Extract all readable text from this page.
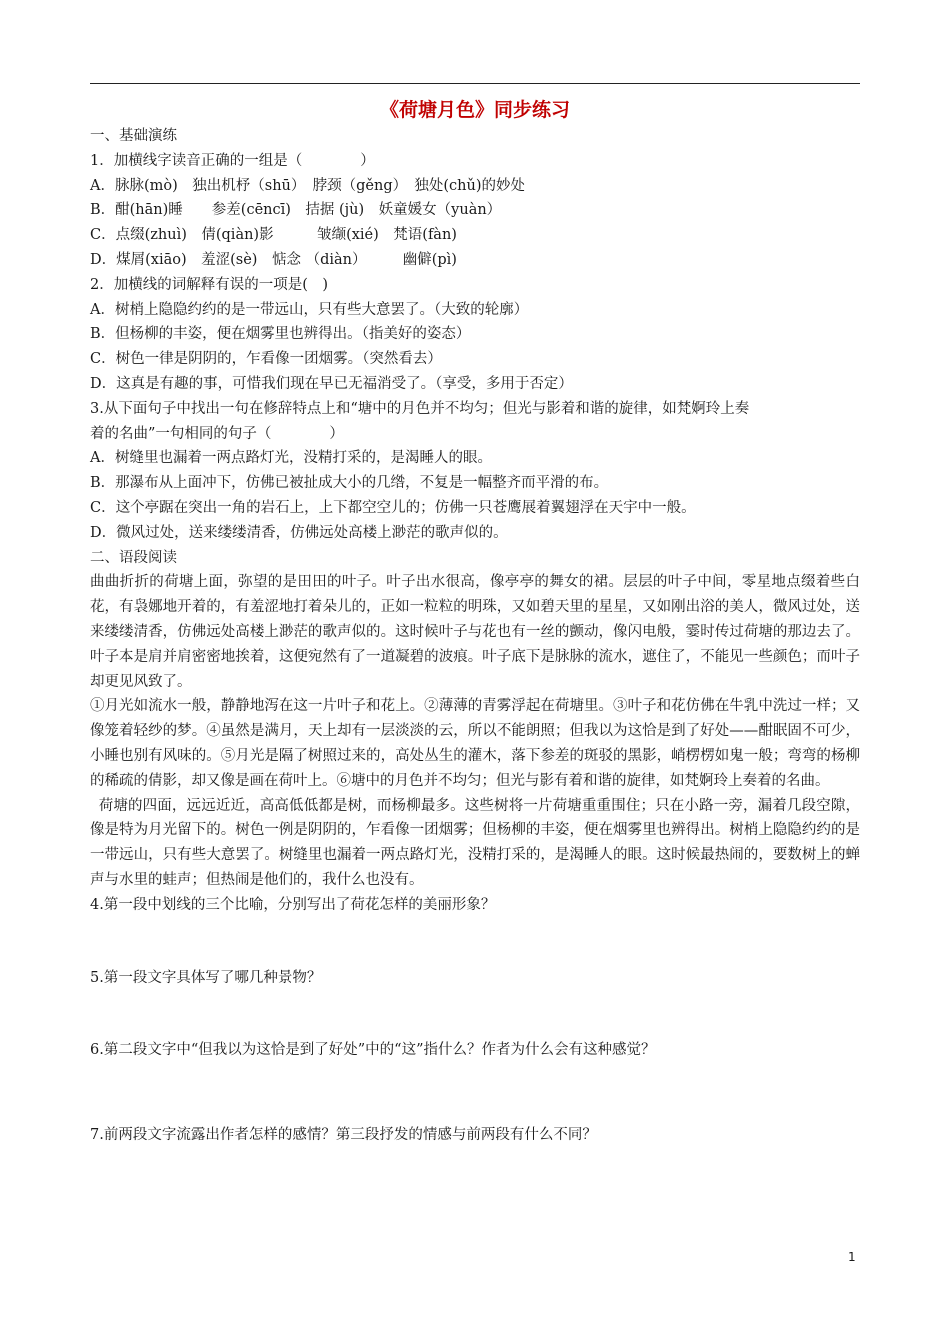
《荷塘月色》同步练习
一、基础演练
1．加横线字读音正确的一组是（　　　　）
A．脉脉(mò)　独出机杼（shū）　脖颈（gěng）　独处(chǔ)的妙处
B．酣(hān)睡　　参差(cēncī)　拮据 (jù)　妖童媛女（yuàn）
C．点缀(zhuì)　倩(qiàn)影　　　皱缬(xié)　梵语(fàn)
D．煤屑(xiāo)　羞涩(sè)　惦念 （diàn）　　　幽僻(pì)
2．加横线的词解释有误的一项是(　)
A．树梢上隐隐约约的是一带远山，只有些大意罢了。（大致的轮廓）
B．但杨柳的丰姿，便在烟雾里也辨得出。（指美好的姿态）
C．树色一律是阴阴的，乍看像一团烟雾。（突然看去）
D．这真是有趣的事，可惜我们现在早已无福消受了。（享受，多用于否定）
3.从下面句子中找出一句在修辞特点上和“塘中的月色并不均匀；但光与影着和谐的旋律，如梵婀玲上奏
着的名曲”一句相同的句子（　　　　）
A．树缝里也漏着一两点路灯光，没精打采的，是渴睡人的眼。
B．那瀑布从上面冲下，仿佛已被扯成大小的几绺，不复是一幅整齐而平滑的布。
C．这个亭踞在突出一角的岩石上，上下都空空儿的；仿佛一只苍鹰展着翼翅浮在天宇中一般。
D．微风过处，送来缕缕清香，仿佛远处高楼上渺茫的歌声似的。
二、语段阅读
曲曲折折的荷塘上面，弥望的是田田的叶子。叶子出水很高，像亭亭的舞女的裙。层层的叶子中间，零星地点缀着些白花，有袅娜地开着的，有羞涩地打着朵儿的，正如一粒粒的明珠，又如碧天里的星星，又如刚出浴的美人，微风过处，送来缕缕清香，仿佛远处高楼上渺茫的歌声似的。这时候叶子与花也有一丝的颤动，像闪电般，霎时传过荷塘的那边去了。叶子本是肩并肩密密地挨着，这便宛然有了一道凝碧的波痕。叶子底下是脉脉的流水，遮住了，不能见一些颜色；而叶子却更见风致了。
①月光如流水一般，静静地泻在这一片叶子和花上。②薄薄的青雾浮起在荷塘里。③叶子和花仿佛在牛乳中洗过一样；又像笼着轻纱的梦。④虽然是满月，天上却有一层淡淡的云，所以不能朗照；但我以为这恰是到了好处——酣眠固不可少，小睡也别有风味的。⑤月光是隔了树照过来的，高处丛生的灌木，落下参差的斑驳的黑影，峭楞楞如鬼一般；弯弯的杨柳的稀疏的倩影，却又像是画在荷叶上。⑥塘中的月色并不均匀；但光与影有着和谐的旋律，如梵婀玲上奏着的名曲。
荷塘的四面，远远近近，高高低低都是树，而杨柳最多。这些树将一片荷塘重重围住；只在小路一旁，漏着几段空隙，像是特为月光留下的。树色一例是阴阴的，乍看像一团烟雾；但杨柳的丰姿，便在烟雾里也辨得出。树梢上隐隐约约的是一带远山，只有些大意罢了。树缝里也漏着一两点路灯光，没精打采的，是渴睡人的眼。这时候最热闹的，要数树上的蝉声与水里的蛙声；但热闹是他们的，我什么也没有。
4.第一段中划线的三个比喻，分别写出了荷花怎样的美丽形象？
5.第一段文字具体写了哪几种景物？
6.第二段文字中“但我以为这恰是到了好处”中的“这”指什么？作者为什么会有这种感觉？
7.前两段文字流露出作者怎样的感情？第三段抒发的情感与前两段有什么不同？
1
